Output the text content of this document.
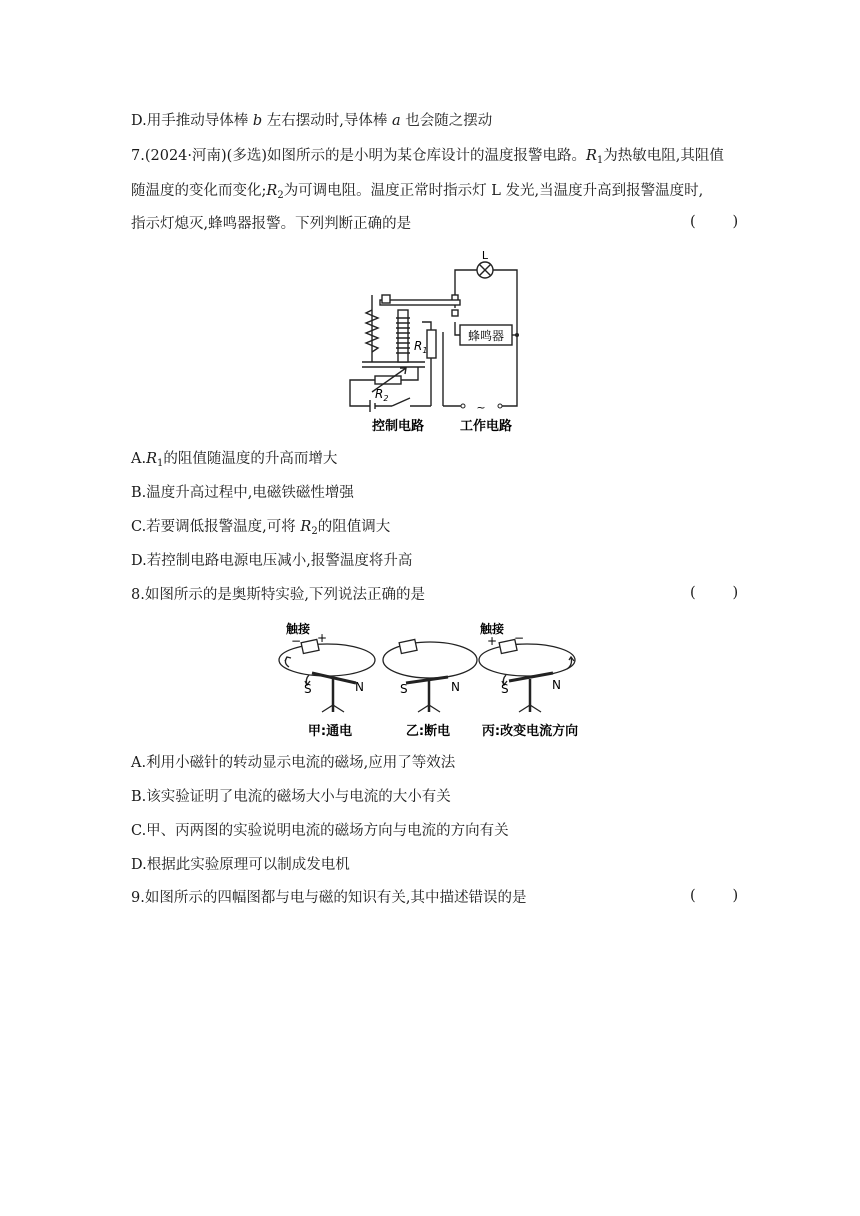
D.用手推动导体棒 b 左右摆动时,导体棒 a 也会随之摆动
7.(2024·河南)(多选)如图所示的是小明为某仓库设计的温度报警电路。$R_1$为热敏电阻,其阻值
随温度的变化而变化$;R_2$为可调电阻。温度正常时指示灯 L 发光,当温度升高到报警温度时,
指示灯熄灭,蜂鸣器报警。下列判断正确的是	(        )
L
蜂鸣器
$R_1$
$R_2$
~
控制电路	工作电路
$A.R_1$的阻值随温度的升高而增大
B.温度升高过程中,电磁铁磁性增强
C.若要调低报警温度,可将 $R_2$的阻值调大
D.若控制电路电源电压减小,报警温度将升高
8.如图所示的是奥斯特实验,下列说法正确的是	(        )
触接
− +
S	N
甲:通电
S	N
乙:断电
触接
+ −
S	N
丙:改变电流方向
A.利用小磁针的转动显示电流的磁场,应用了等效法
B.该实验证明了电流的磁场大小与电流的大小有关
C.甲、丙两图的实验说明电流的磁场方向与电流的方向有关
D.根据此实验原理可以制成发电机
9.如图所示的四幅图都与电与磁的知识有关,其中描述错误的是	(        )
